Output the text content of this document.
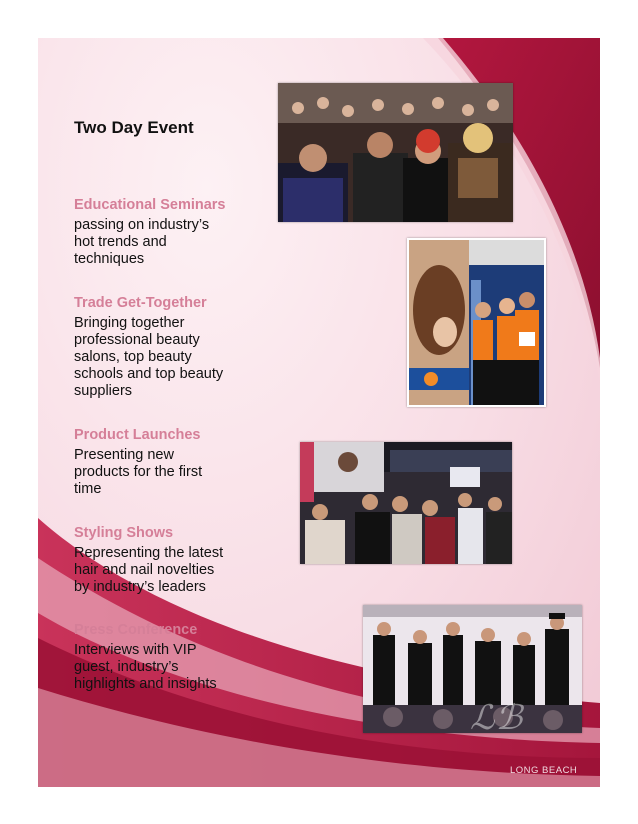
Two Day Event
Educational Seminars
passing on industry’s
hot trends and
techniques
Trade Get-Together
Bringing together
professional beauty
salons, top beauty
schools and top beauty
suppliers
Product Launches
Presenting new
products for the first
time
Styling Shows
Representing the latest
hair and nail novelties
by industry’s leaders
Press Conference
Interviews with VIP
guest, industry’s
highlights and insights
ℒℬ
LONG BEACH
